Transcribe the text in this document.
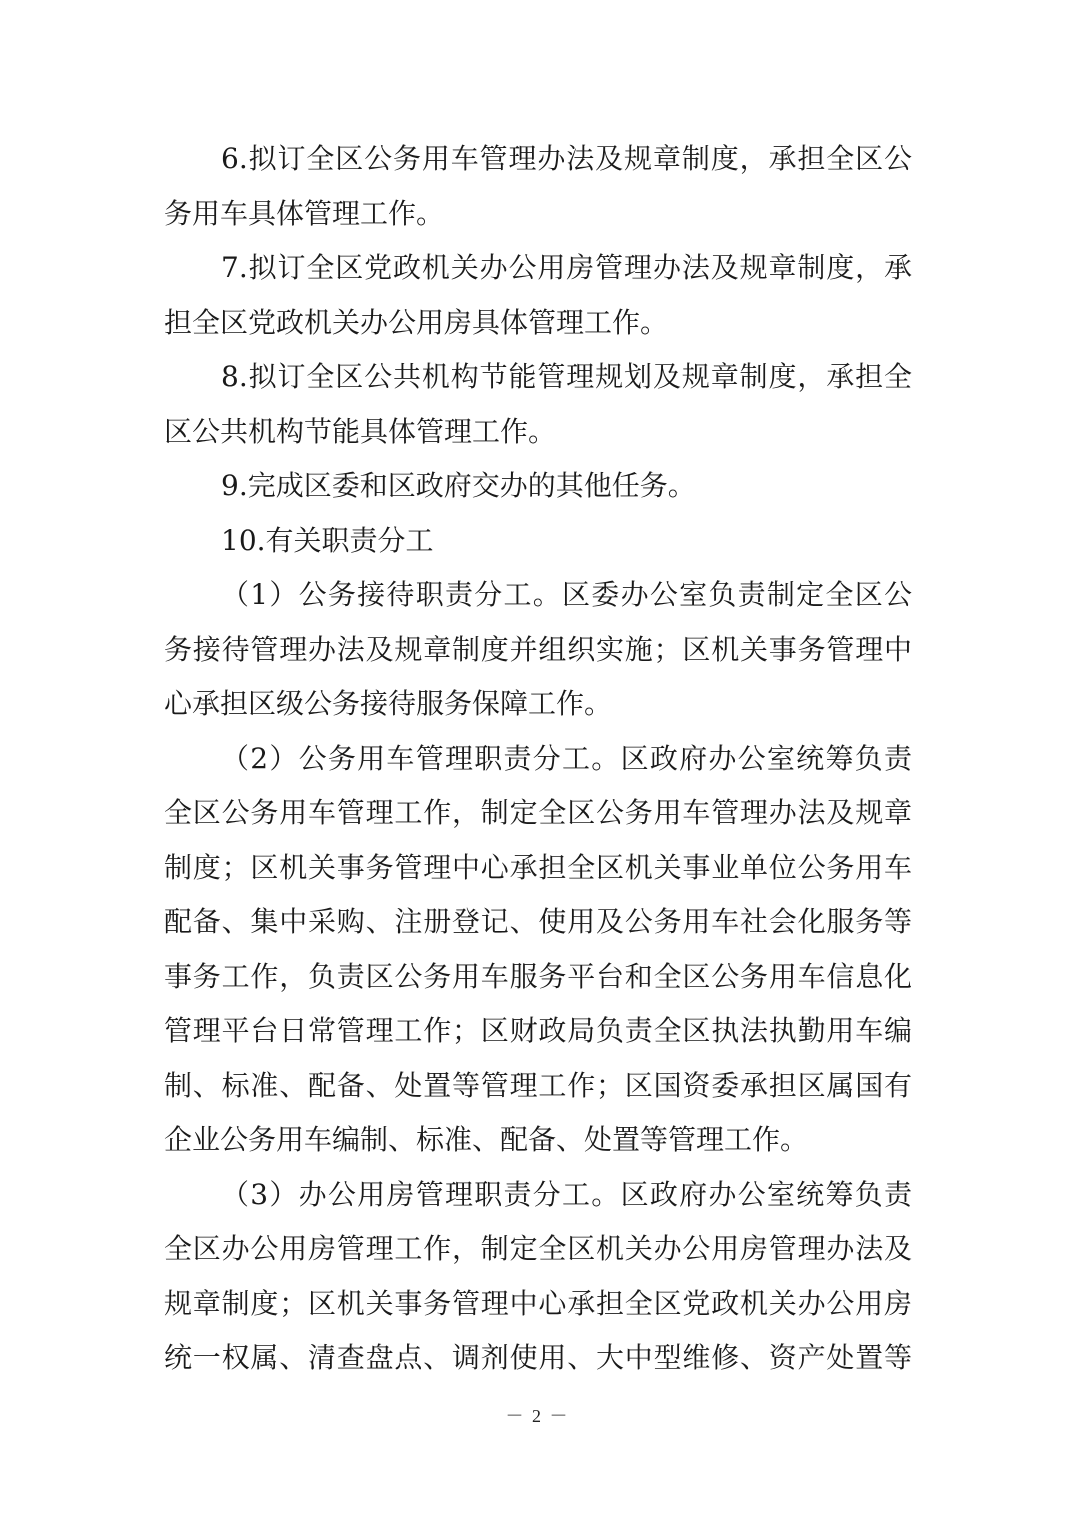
6.拟订全区公务用车管理办法及规章制度，承担全区公
务用车具体管理工作。
7.拟订全区党政机关办公用房管理办法及规章制度，承
担全区党政机关办公用房具体管理工作。
8.拟订全区公共机构节能管理规划及规章制度，承担全
区公共机构节能具体管理工作。
9.完成区委和区政府交办的其他任务。
10.有关职责分工
（1）公务接待职责分工。区委办公室负责制定全区公
务接待管理办法及规章制度并组织实施；区机关事务管理中
心承担区级公务接待服务保障工作。
（2）公务用车管理职责分工。区政府办公室统筹负责
全区公务用车管理工作，制定全区公务用车管理办法及规章
制度；区机关事务管理中心承担全区机关事业单位公务用车
配备、集中采购、注册登记、使用及公务用车社会化服务等
事务工作，负责区公务用车服务平台和全区公务用车信息化
管理平台日常管理工作；区财政局负责全区执法执勤用车编
制、标准、配备、处置等管理工作；区国资委承担区属国有
企业公务用车编制、标准、配备、处置等管理工作。
（3）办公用房管理职责分工。区政府办公室统筹负责
全区办公用房管理工作，制定全区机关办公用房管理办法及
规章制度；区机关事务管理中心承担全区党政机关办公用房
统一权属、清查盘点、调剂使用、大中型维修、资产处置等
－ 2 －
